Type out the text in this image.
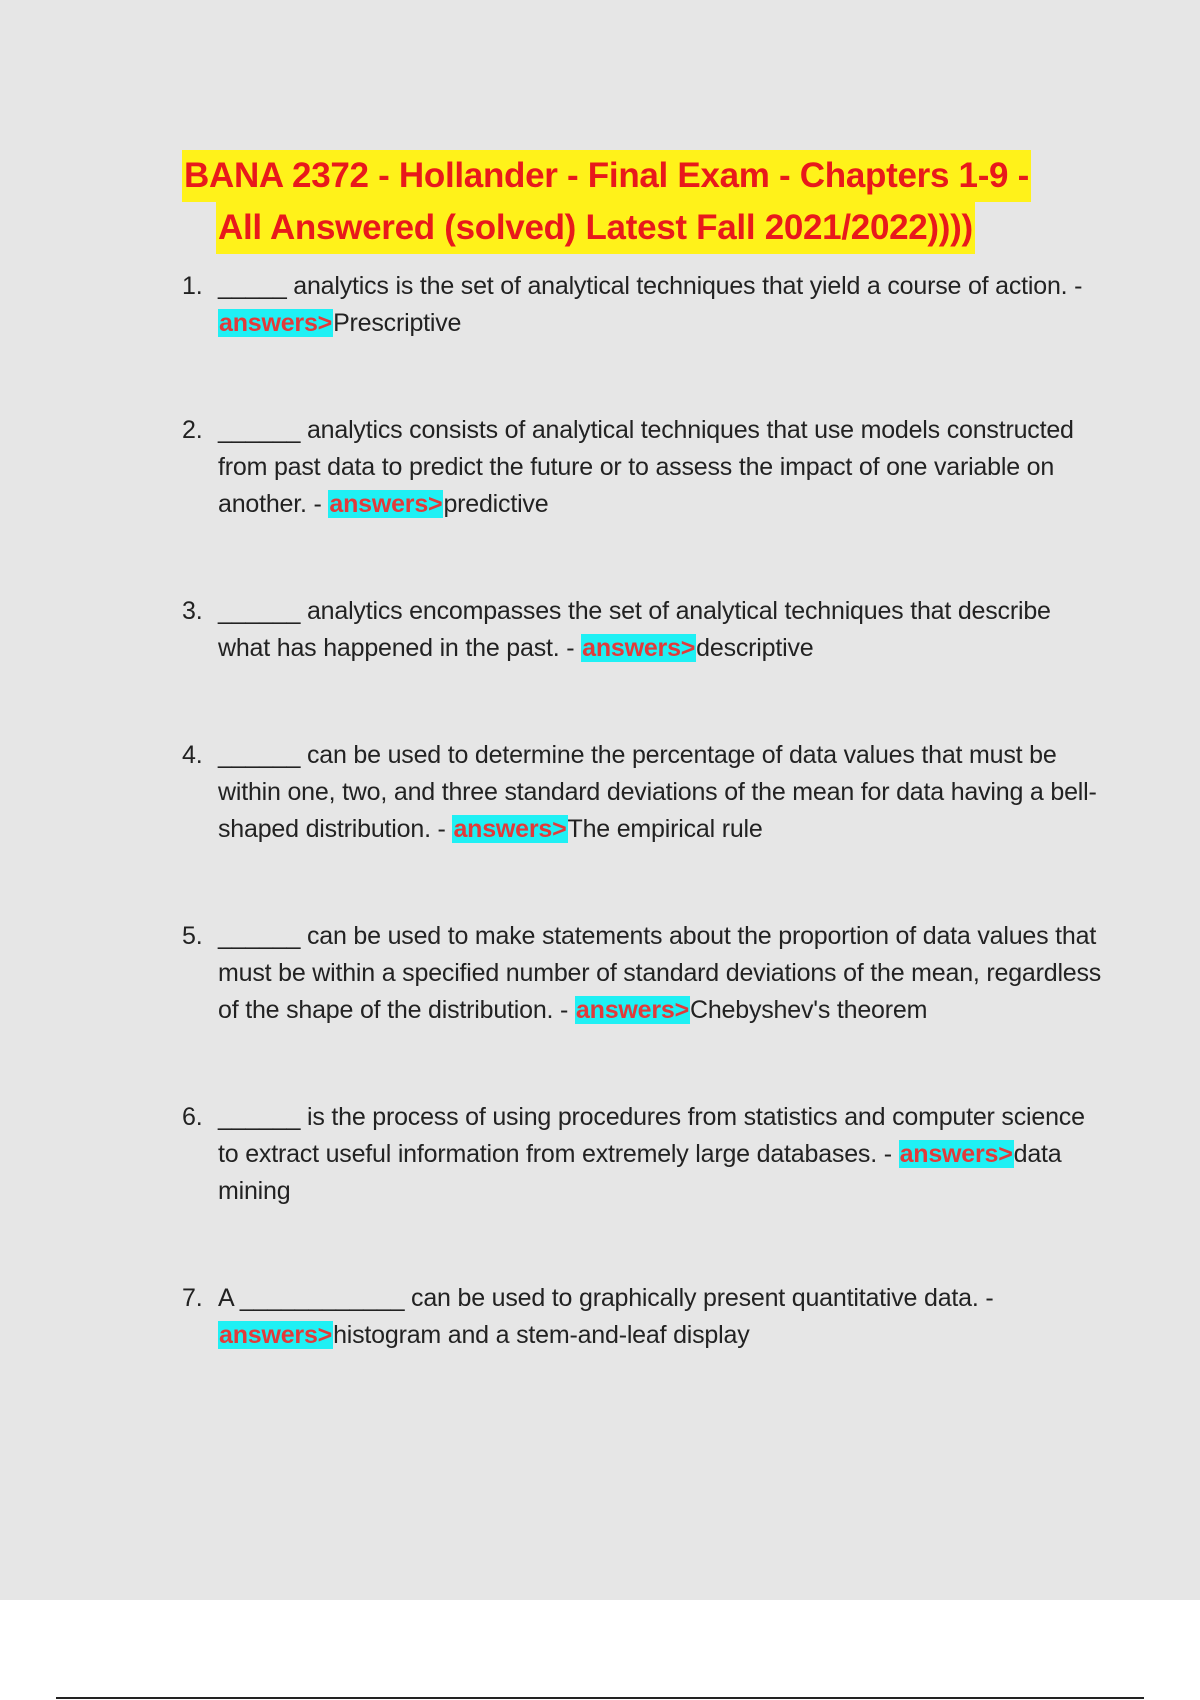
BANA 2372 - Hollander - Final Exam - Chapters 1-9 -
All Answered (solved) Latest Fall 2021/2022))))
1. _____ analytics is the set of analytical techniques that yield a course of action. - answers>Prescriptive
2. ______ analytics consists of analytical techniques that use models constructed from past data to predict the future or to assess the impact of one variable on another. - answers>predictive
3. ______ analytics encompasses the set of analytical techniques that describe what has happened in the past. - answers>descriptive
4. ______ can be used to determine the percentage of data values that must be within one, two, and three standard deviations of the mean for data having a bell-shaped distribution. - answers>The empirical rule
5. ______ can be used to make statements about the proportion of data values that must be within a specified number of standard deviations of the mean, regardless of the shape of the distribution. - answers>Chebyshev's theorem
6. ______ is the process of using procedures from statistics and computer science to extract useful information from extremely large databases. - answers>data mining
7. A ____________ can be used to graphically present quantitative data. - answers>histogram and a stem-and-leaf display
